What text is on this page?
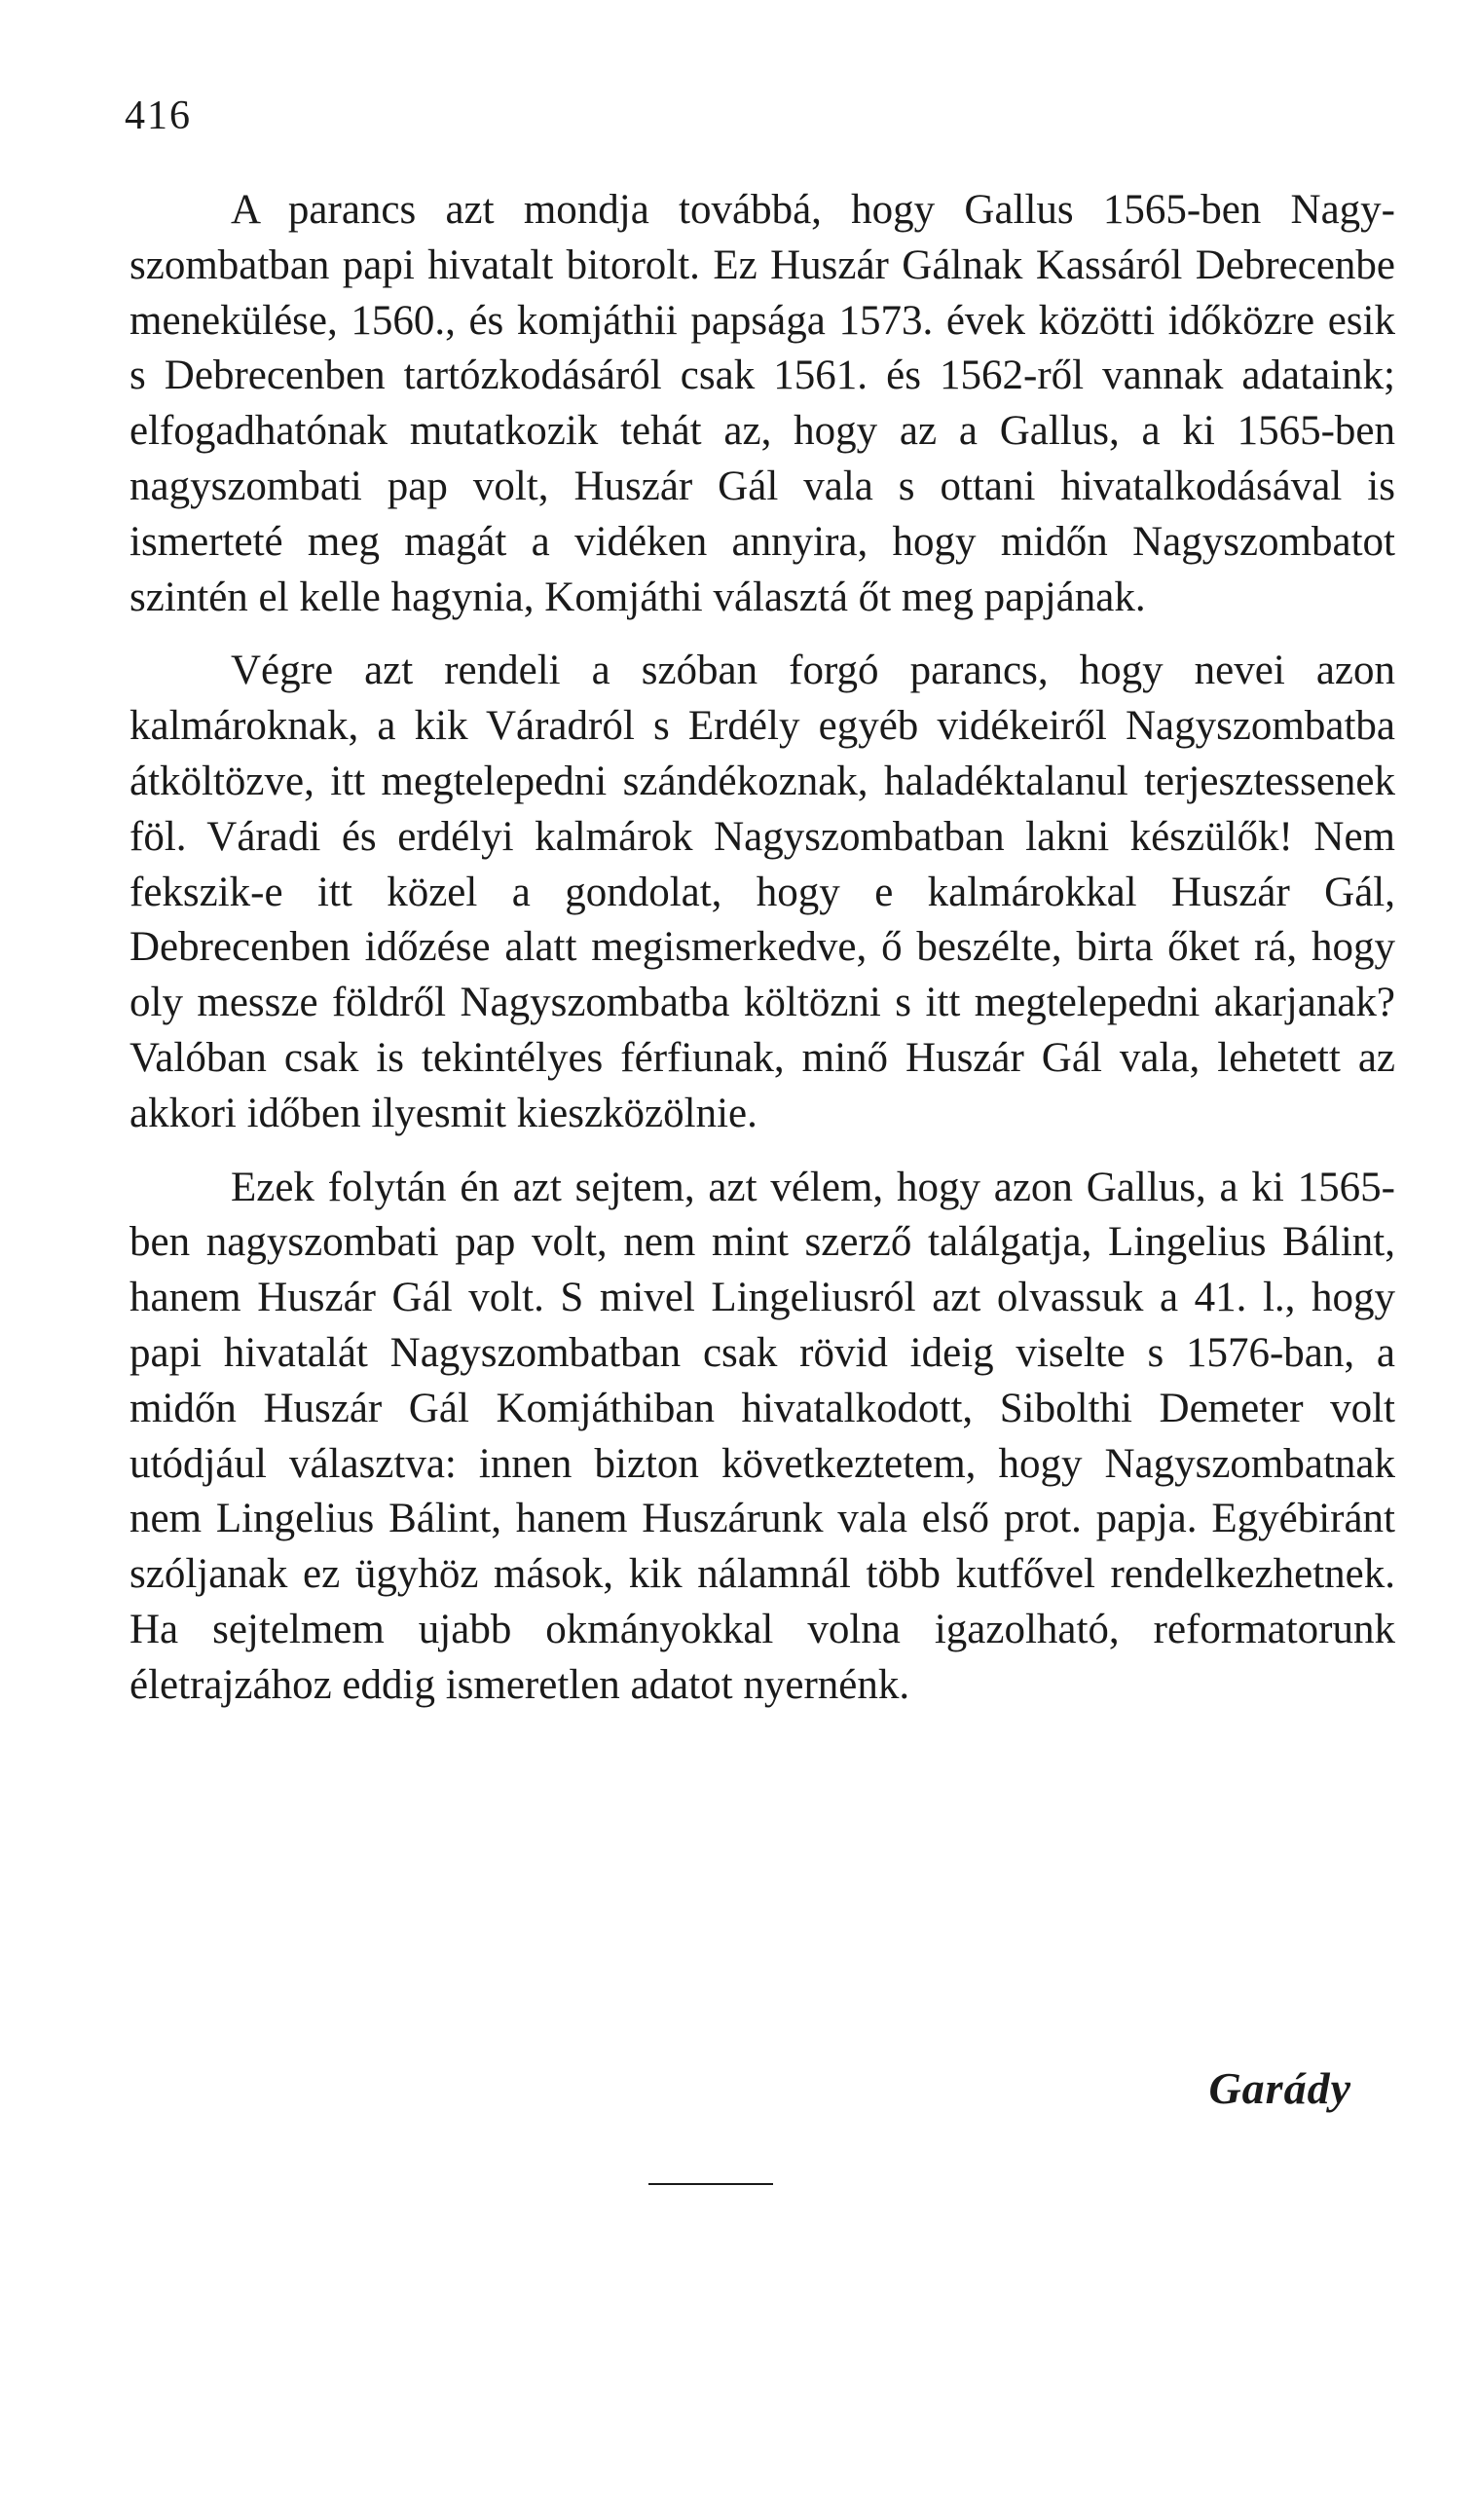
416

A parancs azt mondja továbbá, hogy Gallus 1565-ben Nagyszombatban papi hivatalt bitorolt. Ez Huszár Gálnak Kassáról Debrecenbe menekülése, 1560., és komjáthii papsága 1573. évek közötti időközre esik s Debrecenben tartózkodásáról csak 1561. és 1562-ről vannak adataink; elfogadhatónak mutatkozik tehát az, hogy az a Gallus, a ki 1565-ben nagyszombati pap volt, Huszár Gál vala s ottani hivatalkodásával is ismerteté meg magát a vidéken annyira, hogy midőn Nagyszombatot szintén el kelle hagynia, Komjáthi választá őt meg papjának.

Végre azt rendeli a szóban forgó parancs, hogy nevei azon kalmároknak, a kik Váradról s Erdély egyéb vidékeiről Nagyszombatba átköltözve, itt megtelepedni szándékoznak, haladéktalanul terjesztessenek föl. Váradi és erdélyi kalmárok Nagyszombatban lakni készülők! Nem fekszik-e itt közel a gondolat, hogy e kalmárokkal Huszár Gál, Debrecenben időzése alatt megismerkedve, ő beszélte, birta őket rá, hogy oly messze földről Nagyszombatba költözni s itt megtelepedni akarjanak? Valóban csak is tekintélyes férfiunak, minő Huszár Gál vala, lehetett az akkori időben ilyesmit kieszközölnie.

Ezek folytán én azt sejtem, azt vélem, hogy azon Gallus, a ki 1565-ben nagyszombati pap volt, nem mint szerző találgatja, Lingelius Bálint, hanem Huszár Gál volt. S mivel Lingeliusról azt olvassuk a 41. l., hogy papi hivatalát Nagyszombatban csak rövid ideig viselte s 1576-ban, a midőn Huszár Gál Komjáthiban hivatalkodott, Sibolthi Demeter volt utódjául választva: innen bizton következtetem, hogy Nagyszombatnak nem Lingelius Bálint, hanem Huszárunk vala első prot. papja. Egyébiránt szóljanak ez ügyhöz mások, kik nálamnál több kutfővel rendelkezhetnek. Ha sejtelmem ujabb okmányokkal volna igazolható, reformatorunk életrajzához eddig ismeretlen adatot nyernénk.

Garády
